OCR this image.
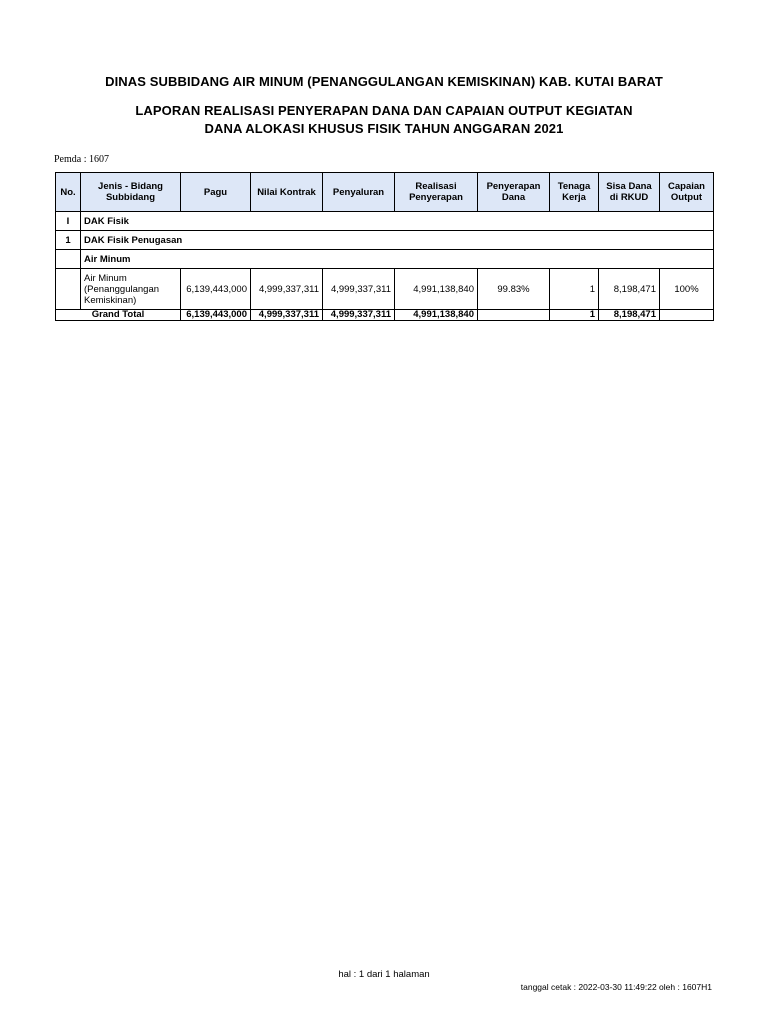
DINAS SUBBIDANG AIR MINUM (PENANGGULANGAN KEMISKINAN) KAB. KUTAI BARAT
LAPORAN REALISASI PENYERAPAN DANA DAN CAPAIAN OUTPUT KEGIATAN
DANA ALOKASI KHUSUS FISIK TAHUN ANGGARAN 2021
Pemda : 1607
No.	Jenis - Bidang Subbidang	Pagu	Nilai Kontrak	Penyaluran	Realisasi Penyerapan	Penyerapan Dana	Tenaga Kerja	Sisa Dana di RKUD	Capaian Output
I	DAK Fisik								
1	DAK Fisik Penugasan								
	Air Minum								
	Air Minum (Penanggulangan Kemiskinan)	6,139,443,000	4,999,337,311	4,999,337,311	4,991,138,840	99.83%	1	8,198,471	100%
Grand Total		6,139,443,000	4,999,337,311	4,999,337,311	4,991,138,840		1	8,198,471	
hal : 1 dari 1 halaman
tanggal cetak : 2022-03-30 11:49:22 oleh : 1607H1
